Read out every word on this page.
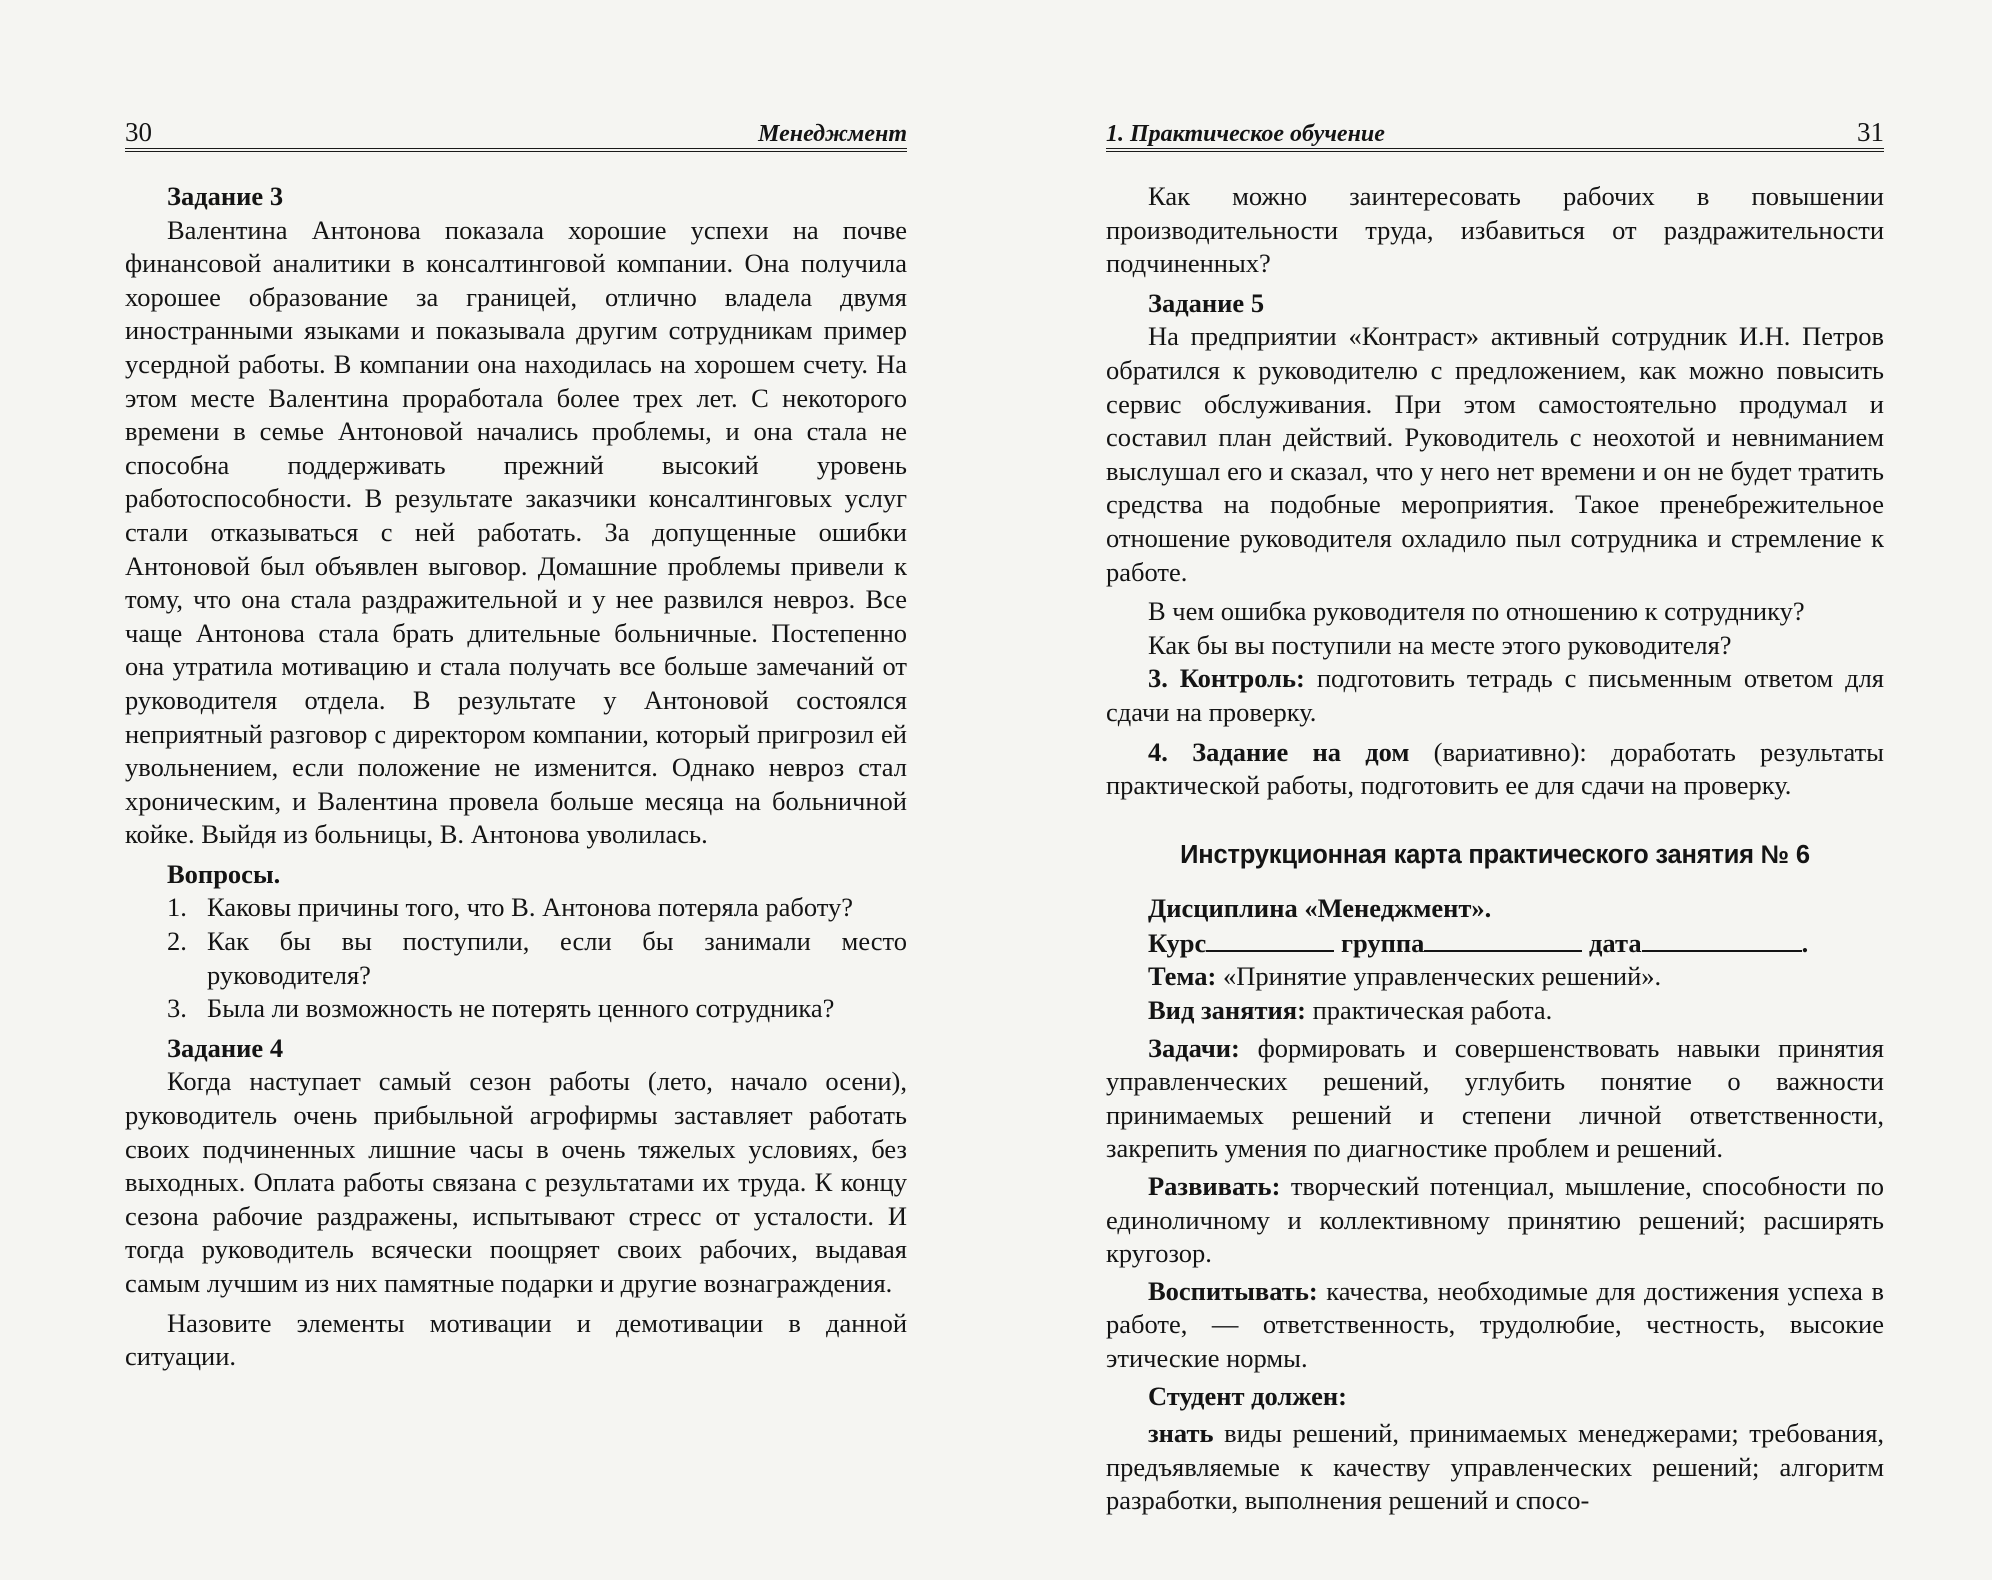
30	Менеджмент

Задание 3

Валентина Антонова показала хорошие успехи на почве финансовой аналитики в консалтинговой компании. Она получила хорошее образование за границей, отлично владела двумя иностранными языками и показывала другим сотрудникам пример усердной работы. В компании она находилась на хорошем счету. На этом месте Валентина проработала более трех лет. С некоторого времени в семье Антоновой начались проблемы, и она стала не способна поддерживать прежний высокий уровень работоспособности. В результате заказчики консалтинговых услуг стали отказываться с ней работать. За допущенные ошибки Антоновой был объявлен выговор. Домашние проблемы привели к тому, что она стала раздражительной и у нее развился невроз. Все чаще Антонова стала брать длительные больничные. Постепенно она утратила мотивацию и стала получать все больше замечаний от руководителя отдела. В результате у Антоновой состоялся неприятный разговор с директором компании, который пригрозил ей увольнением, если положение не изменится. Однако невроз стал хроническим, и Валентина провела больше месяца на больничной койке. Выйдя из больницы, В. Антонова уволилась.

Вопросы.

1. Каковы причины того, что В. Антонова потеряла работу?
2. Как бы вы поступили, если бы занимали место руководителя?
3. Была ли возможность не потерять ценного сотрудника?

Задание 4

Когда наступает самый сезон работы (лето, начало осени), руководитель очень прибыльной агрофирмы заставляет работать своих подчиненных лишние часы в очень тяжелых условиях, без выходных. Оплата работы связана с результатами их труда. К концу сезона рабочие раздражены, испытывают стресс от усталости. И тогда руководитель всячески поощряет своих рабочих, выдавая самым лучшим из них памятные подарки и другие вознаграждения.

Назовите элементы мотивации и демотивации в данной ситуации.

1. Практическое обучение	31

Как можно заинтересовать рабочих в повышении производительности труда, избавиться от раздражительности подчиненных?

Задание 5

На предприятии «Контраст» активный сотрудник И.Н. Петров обратился к руководителю с предложением, как можно повысить сервис обслуживания. При этом самостоятельно продумал и составил план действий. Руководитель с неохотой и невниманием выслушал его и сказал, что у него нет времени и он не будет тратить средства на подобные мероприятия. Такое пренебрежительное отношение руководителя охладило пыл сотрудника и стремление к работе.

В чем ошибка руководителя по отношению к сотруднику?

Как бы вы поступили на месте этого руководителя?

3. Контроль: подготовить тетрадь с письменным ответом для сдачи на проверку.

4. Задание на дом (вариативно): доработать результаты практической работы, подготовить ее для сдачи на проверку.

Инструкционная карта практического занятия № 6

Дисциплина «Менеджмент».

Курс	группа	дата	.

Тема: «Принятие управленческих решений».

Вид занятия: практическая работа.

Задачи: формировать и совершенствовать навыки принятия управленческих решений, углубить понятие о важности принимаемых решений и степени личной ответственности, закрепить умения по диагностике проблем и решений.

Развивать: творческий потенциал, мышление, способности по единоличному и коллективному принятию решений; расширять кругозор.

Воспитывать: качества, необходимые для достижения успеха в работе, — ответственность, трудолюбие, честность, высокие этические нормы.

Студент должен:

знать виды решений, принимаемых менеджерами; требования, предъявляемые к качеству управленческих решений; алгоритм разработки, выполнения решений и спосо-
